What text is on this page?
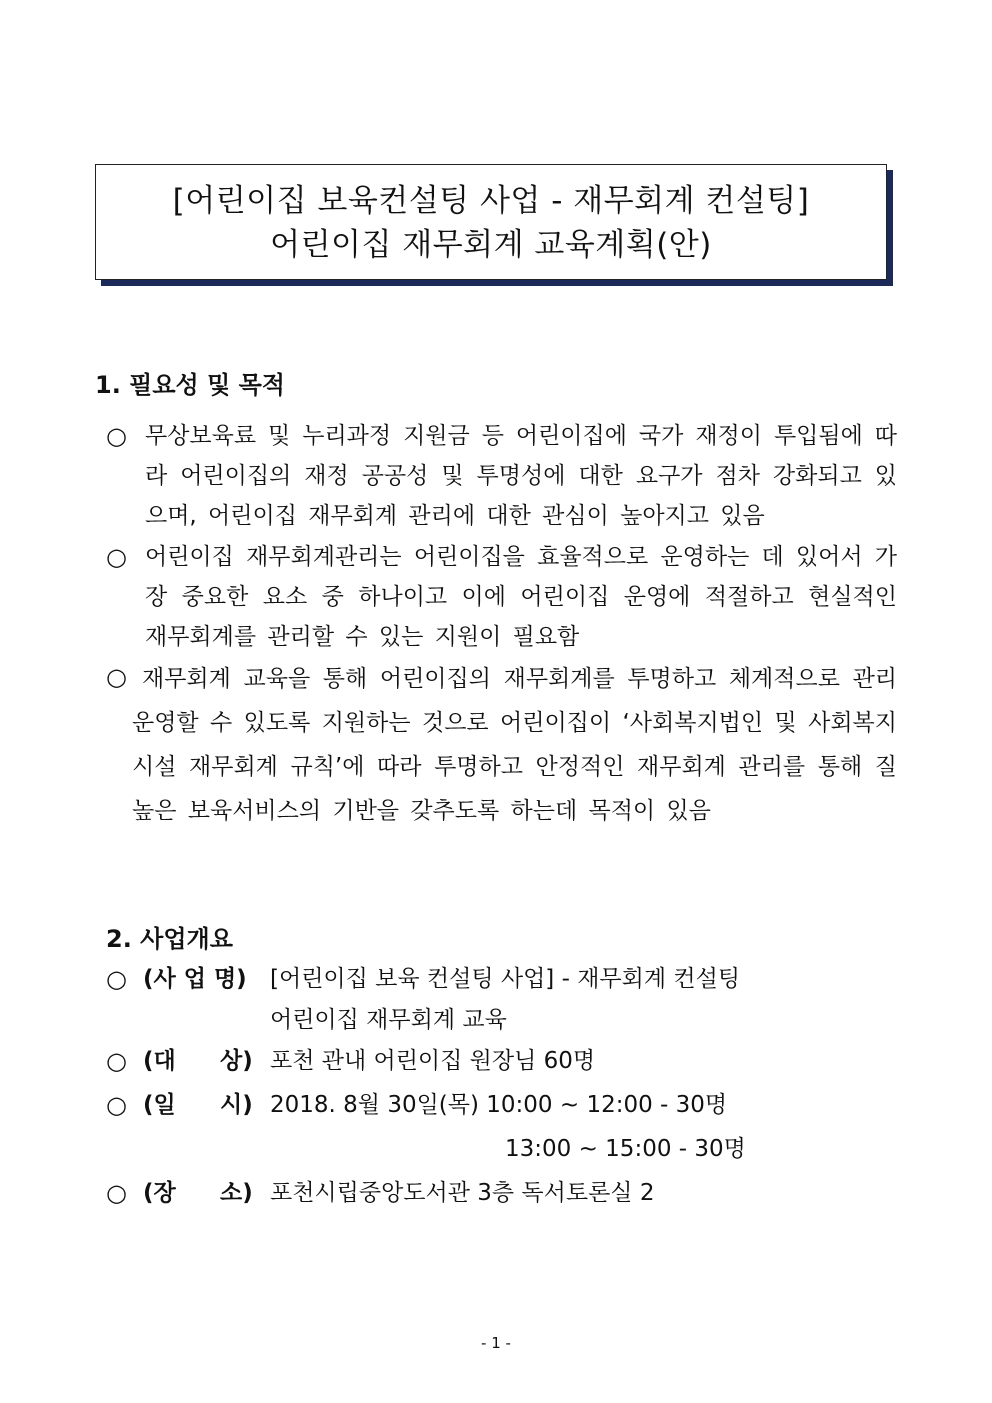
[어린이집 보육컨설팅 사업 - 재무회계 컨설팅]
어린이집 재무회계 교육계획(안)
1. 필요성 및 목적
○ 무상보육료 및 누리과정 지원금 등 어린이집에 국가 재정이 투입됨에 따라 어린이집의 재정 공공성 및 투명성에 대한 요구가 점차 강화되고 있으며, 어린이집 재무회계 관리에 대한 관심이 높아지고 있음
○ 어린이집 재무회계관리는 어린이집을 효율적으로 운영하는 데 있어서 가장 중요한 요소 중 하나이고 이에 어린이집 운영에 적절하고 현실적인 재무회계를 관리할 수 있는 지원이 필요함
○ 재무회계 교육을 통해 어린이집의 재무회계를 투명하고 체계적으로 관리 운영할 수 있도록 지원하는 것으로 어린이집이 ‘사회복지법인 및 사회복지시설 재무회계 규칙’에 따라 투명하고 안정적인 재무회계 관리를 통해 질 높은 보육서비스의 기반을 갖추도록 하는데 목적이 있음
2. 사업개요
○ (사 업 명) [어린이집 보육 컨설팅 사업] - 재무회계 컨설팅
어린이집 재무회계 교육
○ (대 상) 포천 관내 어린이집 원장님 60명
○ (일 시) 2018. 8월 30일(목) 10:00 ~ 12:00 - 30명
13:00 ~ 15:00 - 30명
○ (장 소) 포천시립중앙도서관 3층 독서토론실 2
- 1 -
